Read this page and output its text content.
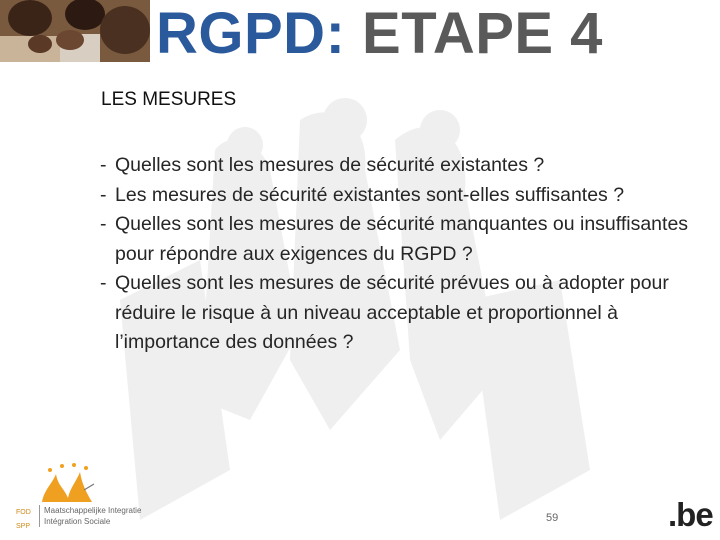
RGPD: ETAPE 4
LES MESURES
- Quelles sont les mesures de sécurité existantes ?
- Les mesures de sécurité existantes sont-elles suffisantes ?
- Quelles sont les mesures de sécurité manquantes ou insuffisantes pour répondre aux exigences du RGPD ?
- Quelles sont les mesures de sécurité prévues ou à adopter pour réduire le risque à un niveau acceptable et proportionnel à l’importance des données ?
FOD
SPP
Maatschappelijke Integratie
Intégration Sociale	59	.be
